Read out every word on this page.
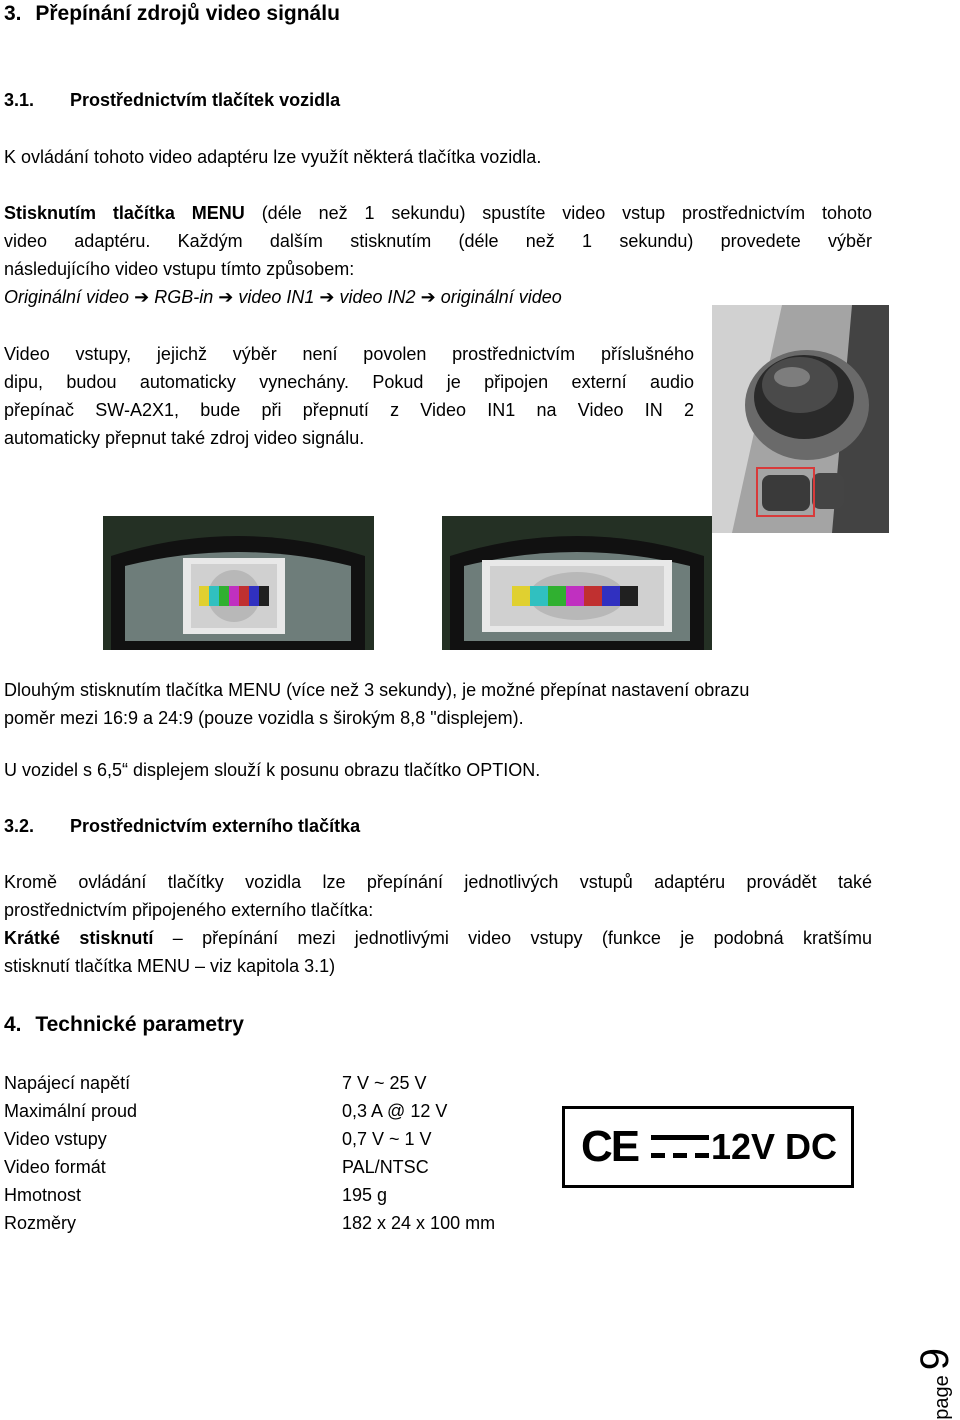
3. Přepínání zdrojů video signálu
3.1. Prostřednictvím tlačítek vozidla
K ovládání tohoto video adaptéru lze využít některá tlačítka vozidla.
Stisknutím tlačítka MENU (déle než 1 sekundu) spustíte video vstup prostřednictvím tohoto
video adaptéru. Každým dalším stisknutím (déle než 1 sekundu) provedete výběr
následujícího video vstupu tímto způsobem:
Originální video ➔ RGB-in ➔ video IN1 ➔ video IN2 ➔ originální video
Video vstupy, jejichž výběr není povolen prostřednictvím příslušného
dipu, budou automaticky vynechány. Pokud je připojen externí audio
přepínač SW-A2X1, bude při přepnutí z Video IN1 na Video IN 2
automaticky přepnut také zdroj video signálu.
Dlouhým stisknutím tlačítka MENU (více než 3 sekundy), je možné přepínat nastavení obrazu
poměr mezi 16:9 a 24:9 (pouze vozidla s širokým 8,8 "displejem).
U vozidel s 6,5“ displejem slouží k posunu obrazu tlačítko OPTION.
3.2. Prostřednictvím externího tlačítka
Kromě ovládání tlačítky vozidla lze přepínání jednotlivých vstupů adaptéru provádět také
prostřednictvím připojeného externího tlačítka:
Krátké stisknutí – přepínání mezi jednotlivými video vstupy (funkce je podobná kratšímu
stisknutí tlačítka MENU – viz kapitola 3.1)
4. Technické parametry
Napájecí napětí	7 V ~ 25 V
Maximální proud	0,3 A @ 12 V
Video vstupy	0,7 V ~ 1 V
Video formát	PAL/NTSC
Hmotnost	195 g
Rozměry	182 x 24 x 100 mm
CE 12V DC
page 9
